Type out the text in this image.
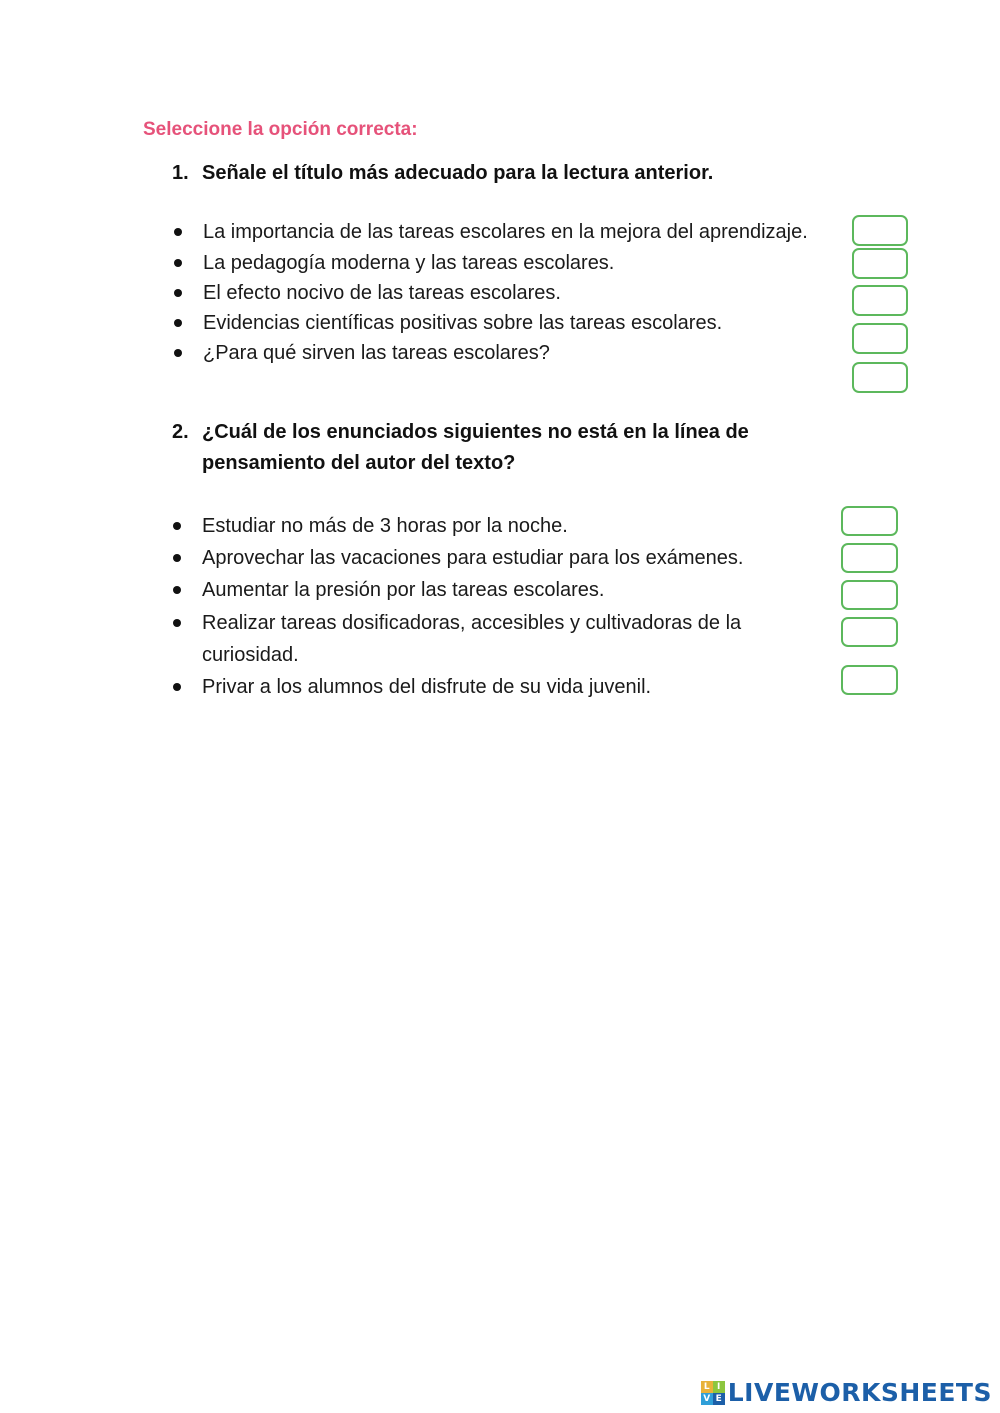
Seleccione la opción correcta:
1. Señale el título más adecuado para la lectura anterior.
La importancia de las tareas escolares en la mejora del aprendizaje.
La pedagogía moderna y las tareas escolares.
El efecto nocivo de las tareas escolares.
Evidencias científicas positivas sobre las tareas escolares.
¿Para qué sirven las tareas escolares?
2. ¿Cuál de los enunciados siguientes no está en la línea de
pensamiento del autor del texto?
Estudiar no más de 3 horas por la noche.
Aprovechar las vacaciones para estudiar para los exámenes.
Aumentar la presión por las tareas escolares.
Realizar tareas dosificadoras, accesibles y cultivadoras de la
curiosidad.
Privar a los alumnos del disfrute de su vida juvenil.
L I
V E LIVEWORKSHEETS
